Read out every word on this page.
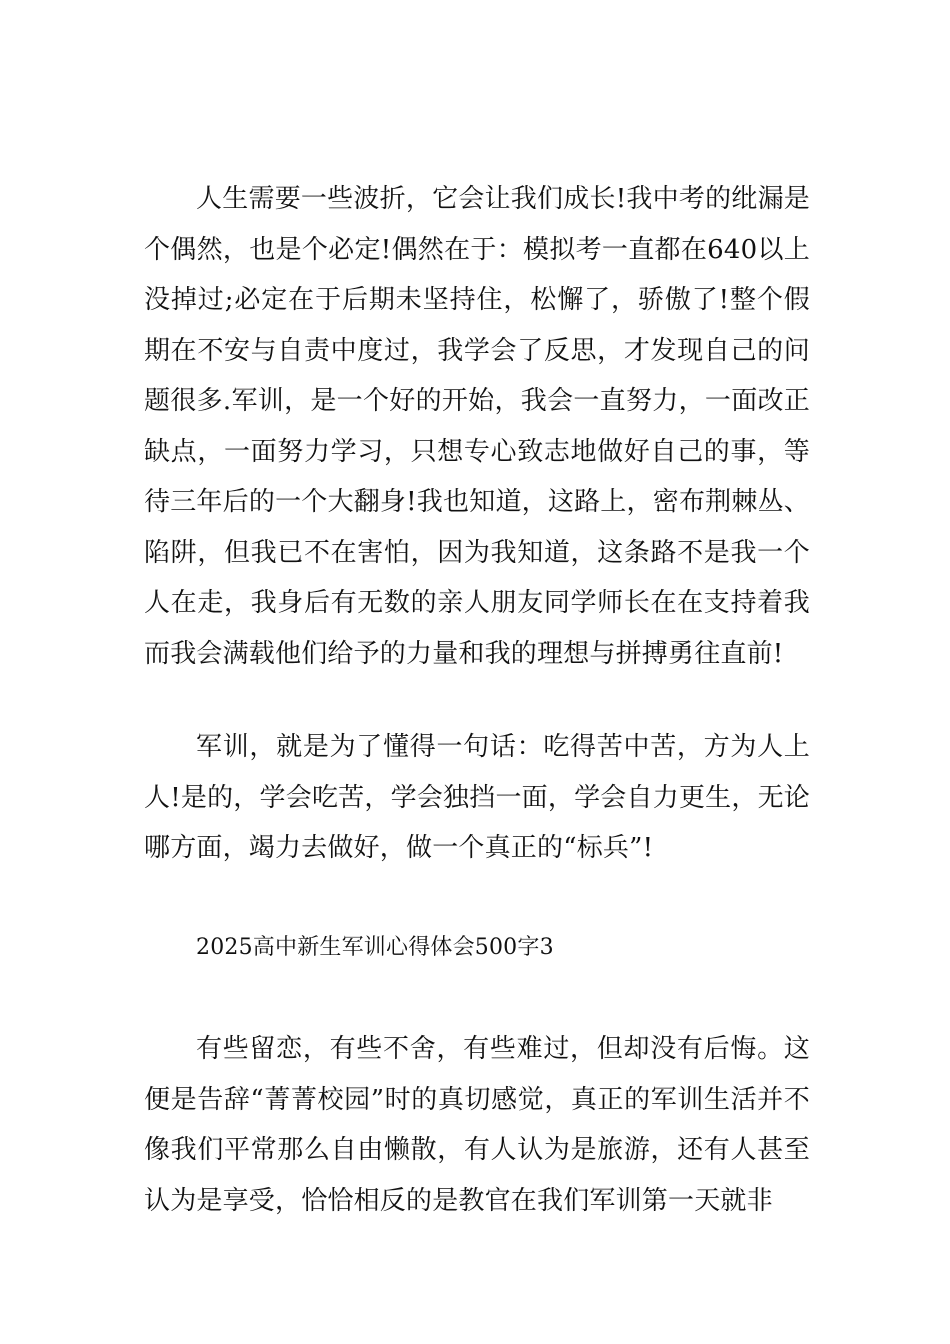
人生需要一些波折，它会让我们成长!我中考的纰漏是个偶然，也是个必定!偶然在于：模拟考一直都在640以上没掉过;必定在于后期未坚持住，松懈了，骄傲了!整个假期在不安与自责中度过，我学会了反思，才发现自己的问题很多.军训，是一个好的开始，我会一直努力，一面改正缺点，一面努力学习，只想专心致志地做好自己的事，等待三年后的一个大翻身!我也知道，这路上，密布荆棘丛、陷阱，但我已不在害怕，因为我知道，这条路不是我一个人在走，我身后有无数的亲人朋友同学师长在在支持着我而我会满载他们给予的力量和我的理想与拼搏勇往直前!

军训，就是为了懂得一句话：吃得苦中苦，方为人上人!是的，学会吃苦，学会独挡一面，学会自力更生，无论哪方面，竭力去做好，做一个真正的“标兵”!

2025高中新生军训心得体会500字3

有些留恋，有些不舍，有些难过，但却没有后悔。这便是告辞“菁菁校园”时的真切感觉，真正的军训生活并不像我们平常那么自由懒散，有人认为是旅游，还有人甚至认为是享受，恰恰相反的是教官在我们军训第一天就非
